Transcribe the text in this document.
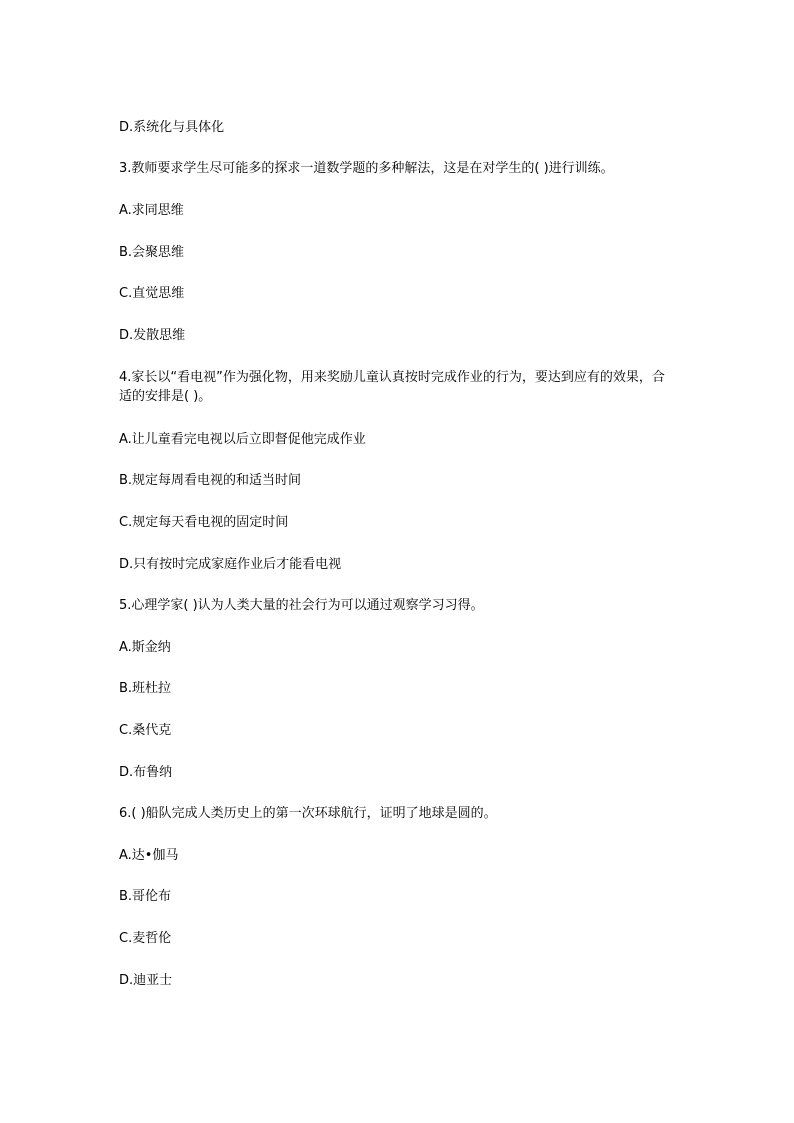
D.系统化与具体化
3.教师要求学生尽可能多的探求一道数学题的多种解法，这是在对学生的( )进行训练。
A.求同思维
B.会聚思维
C.直觉思维
D.发散思维
4.家长以“看电视”作为强化物，用来奖励儿童认真按时完成作业的行为，要达到应有的效果，合适的安排是( )。
A.让儿童看完电视以后立即督促他完成作业
B.规定每周看电视的和适当时间
C.规定每天看电视的固定时间
D.只有按时完成家庭作业后才能看电视
5.心理学家( )认为人类大量的社会行为可以通过观察学习习得。
A.斯金纳
B.班杜拉
C.桑代克
D.布鲁纳
6.( )船队完成人类历史上的第一次环球航行，证明了地球是圆的。
A.达•伽马
B.哥伦布
C.麦哲伦
D.迪亚士
